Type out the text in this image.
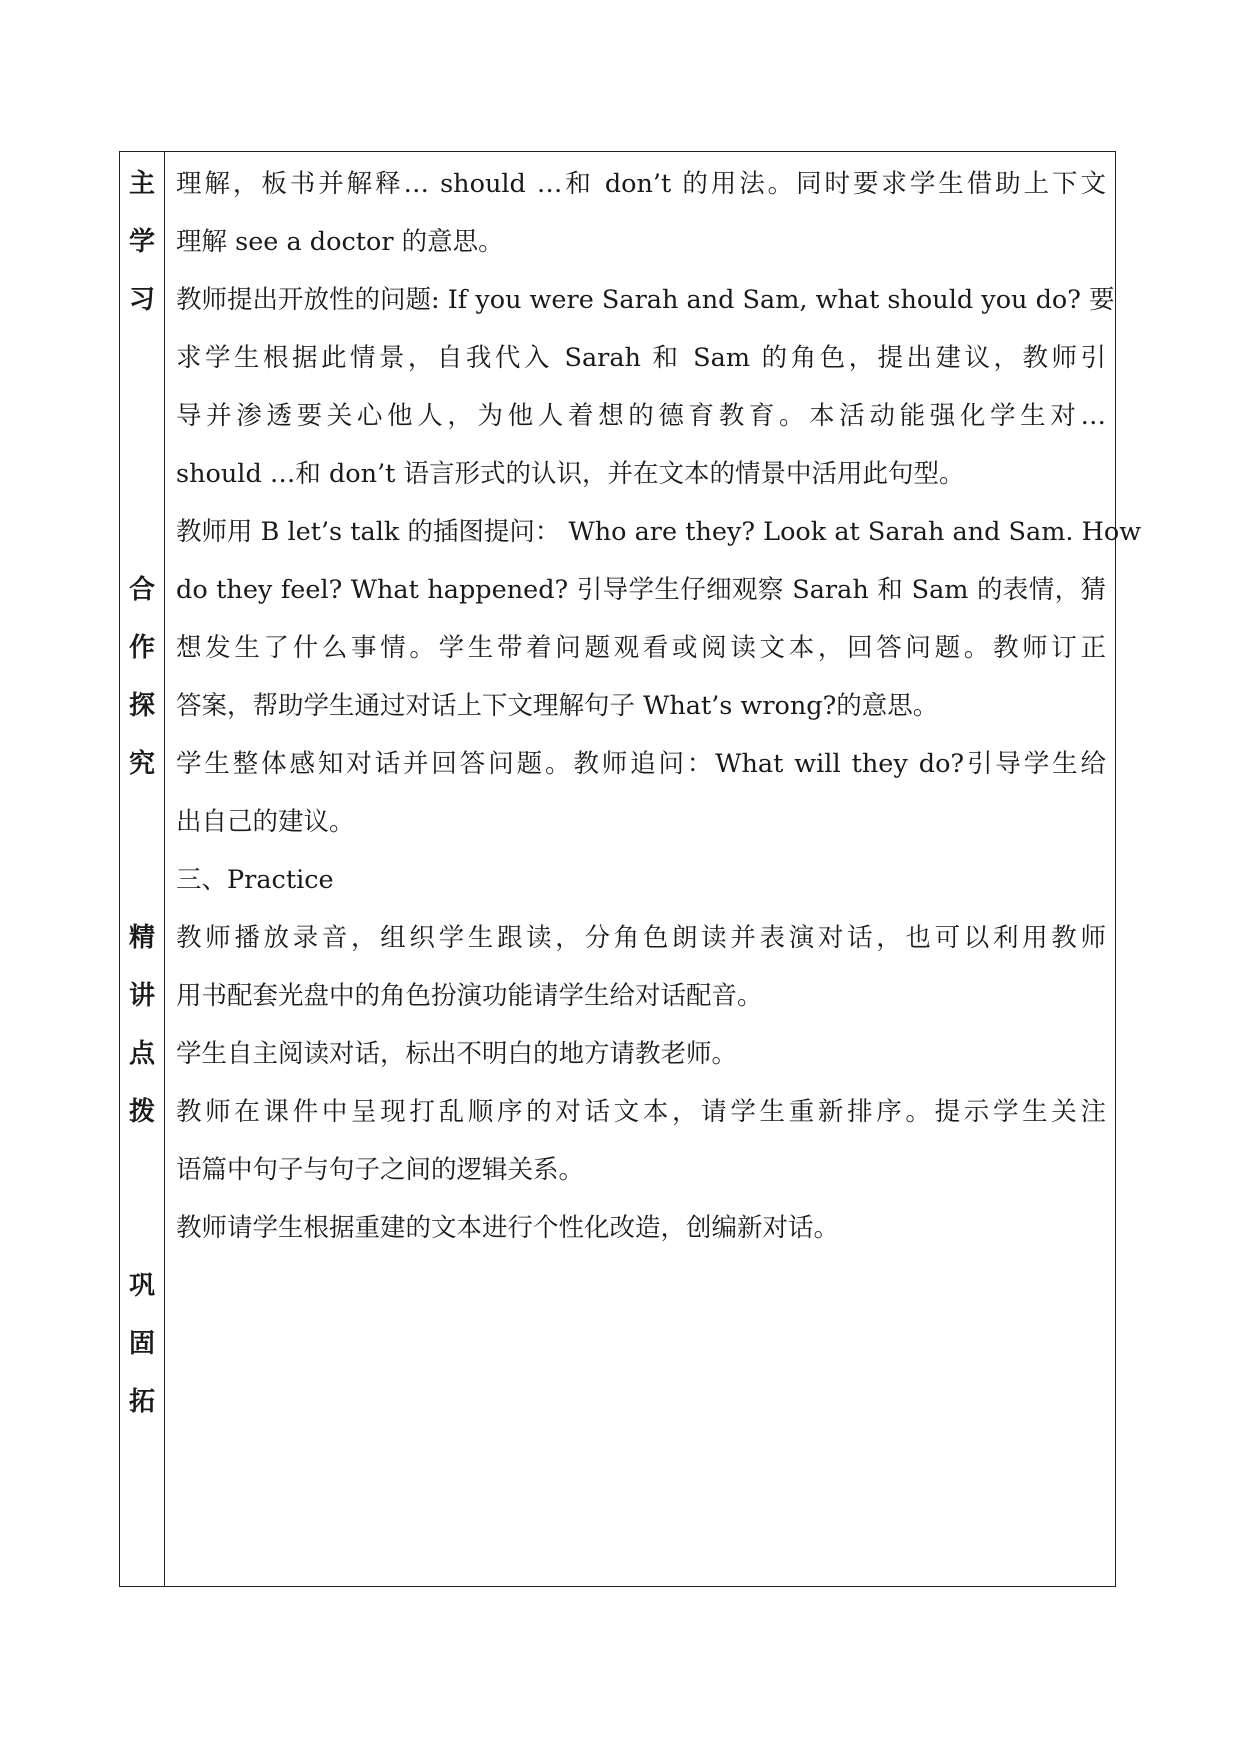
主
学
习
合
作
探
究
精
讲
点
拨
巩
固
拓
理解，板书并解释… should …和 don’t 的用法。同时要求学生借助上下文
理解 see a doctor 的意思。
教师提出开放性的问题: If you were Sarah and Sam, what should you do? 要
求学生根据此情景，自我代入 Sarah 和 Sam 的角色，提出建议，教师引
导并渗透要关心他人，为他人着想的德育教育。本活动能强化学生对…
should …和 don’t 语言形式的认识，并在文本的情景中活用此句型。
教师用 B let’s talk 的插图提问： Who are they? Look at Sarah and Sam. How
do they feel? What happened? 引导学生仔细观察 Sarah 和 Sam 的表情，猜
想发生了什么事情。学生带着问题观看或阅读文本，回答问题。教师订正
答案，帮助学生通过对话上下文理解句子 What’s wrong?的意思。
学生整体感知对话并回答问题。教师追问：What will they do?引导学生给
出自己的建议。
三、Practice
教师播放录音，组织学生跟读，分角色朗读并表演对话，也可以利用教师
用书配套光盘中的角色扮演功能请学生给对话配音。
学生自主阅读对话，标出不明白的地方请教老师。
教师在课件中呈现打乱顺序的对话文本，请学生重新排序。提示学生关注
语篇中句子与句子之间的逻辑关系。
教师请学生根据重建的文本进行个性化改造，创编新对话。
